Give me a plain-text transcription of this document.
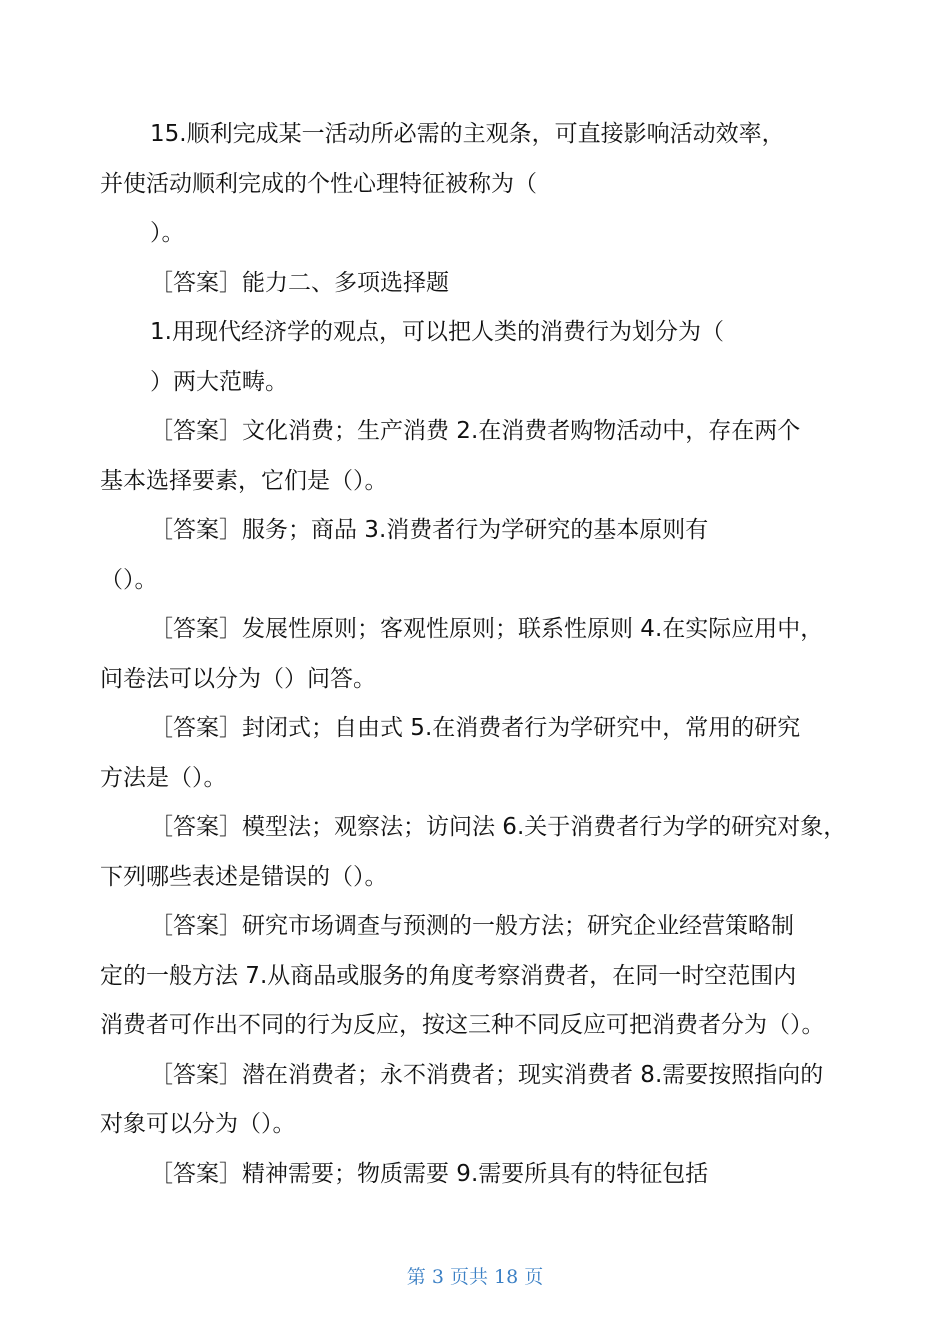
15.顺利完成某一活动所必需的主观条，可直接影响活动效率，
并使活动顺利完成的个性心理特征被称为（
）。
［答案］能力二、多项选择题
1.用现代经济学的观点，可以把人类的消费行为划分为（
）两大范畴。
［答案］文化消费；生产消费 2.在消费者购物活动中，存在两个
基本选择要素，它们是（）。
［答案］服务；商品 3.消费者行为学研究的基本原则有
（）。
［答案］发展性原则；客观性原则；联系性原则 4.在实际应用中，
问卷法可以分为（）问答。
［答案］封闭式；自由式 5.在消费者行为学研究中，常用的研究
方法是（）。
［答案］模型法；观察法；访问法 6.关于消费者行为学的研究对象，
下列哪些表述是错误的（）。
［答案］研究市场调查与预测的一般方法；研究企业经营策略制
定的一般方法 7.从商品或服务的角度考察消费者，在同一时空范围内
消费者可作出不同的行为反应，按这三种不同反应可把消费者分为（）。
［答案］潜在消费者；永不消费者；现实消费者 8.需要按照指向的
对象可以分为（）。
［答案］精神需要；物质需要 9.需要所具有的特征包括
第 3 页共 18 页
